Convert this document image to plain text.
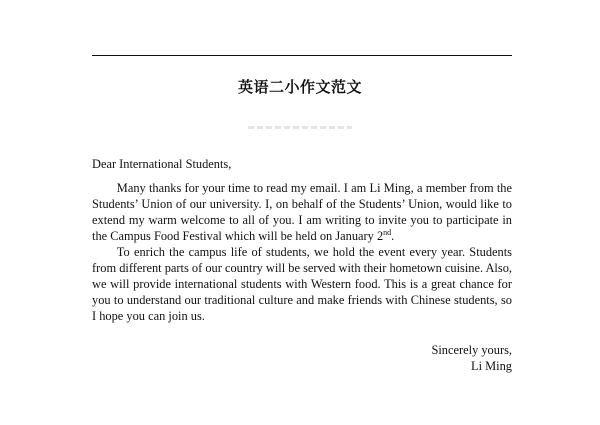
英语二小作文范文

Dear International Students,

Many thanks for your time to read my email. I am Li Ming, a member from the Students’ Union of our university. I, on behalf of the Students’ Union, would like to extend my warm welcome to all of you. I am writing to invite you to participate in the Campus Food Festival which will be held on January 2nd.

To enrich the campus life of students, we hold the event every year. Students from different parts of our country will be served with their hometown cuisine. Also, we will provide international students with Western food. This is a great chance for you to understand our traditional culture and make friends with Chinese students, so I hope you can join us.

Sincerely yours,
Li Ming
